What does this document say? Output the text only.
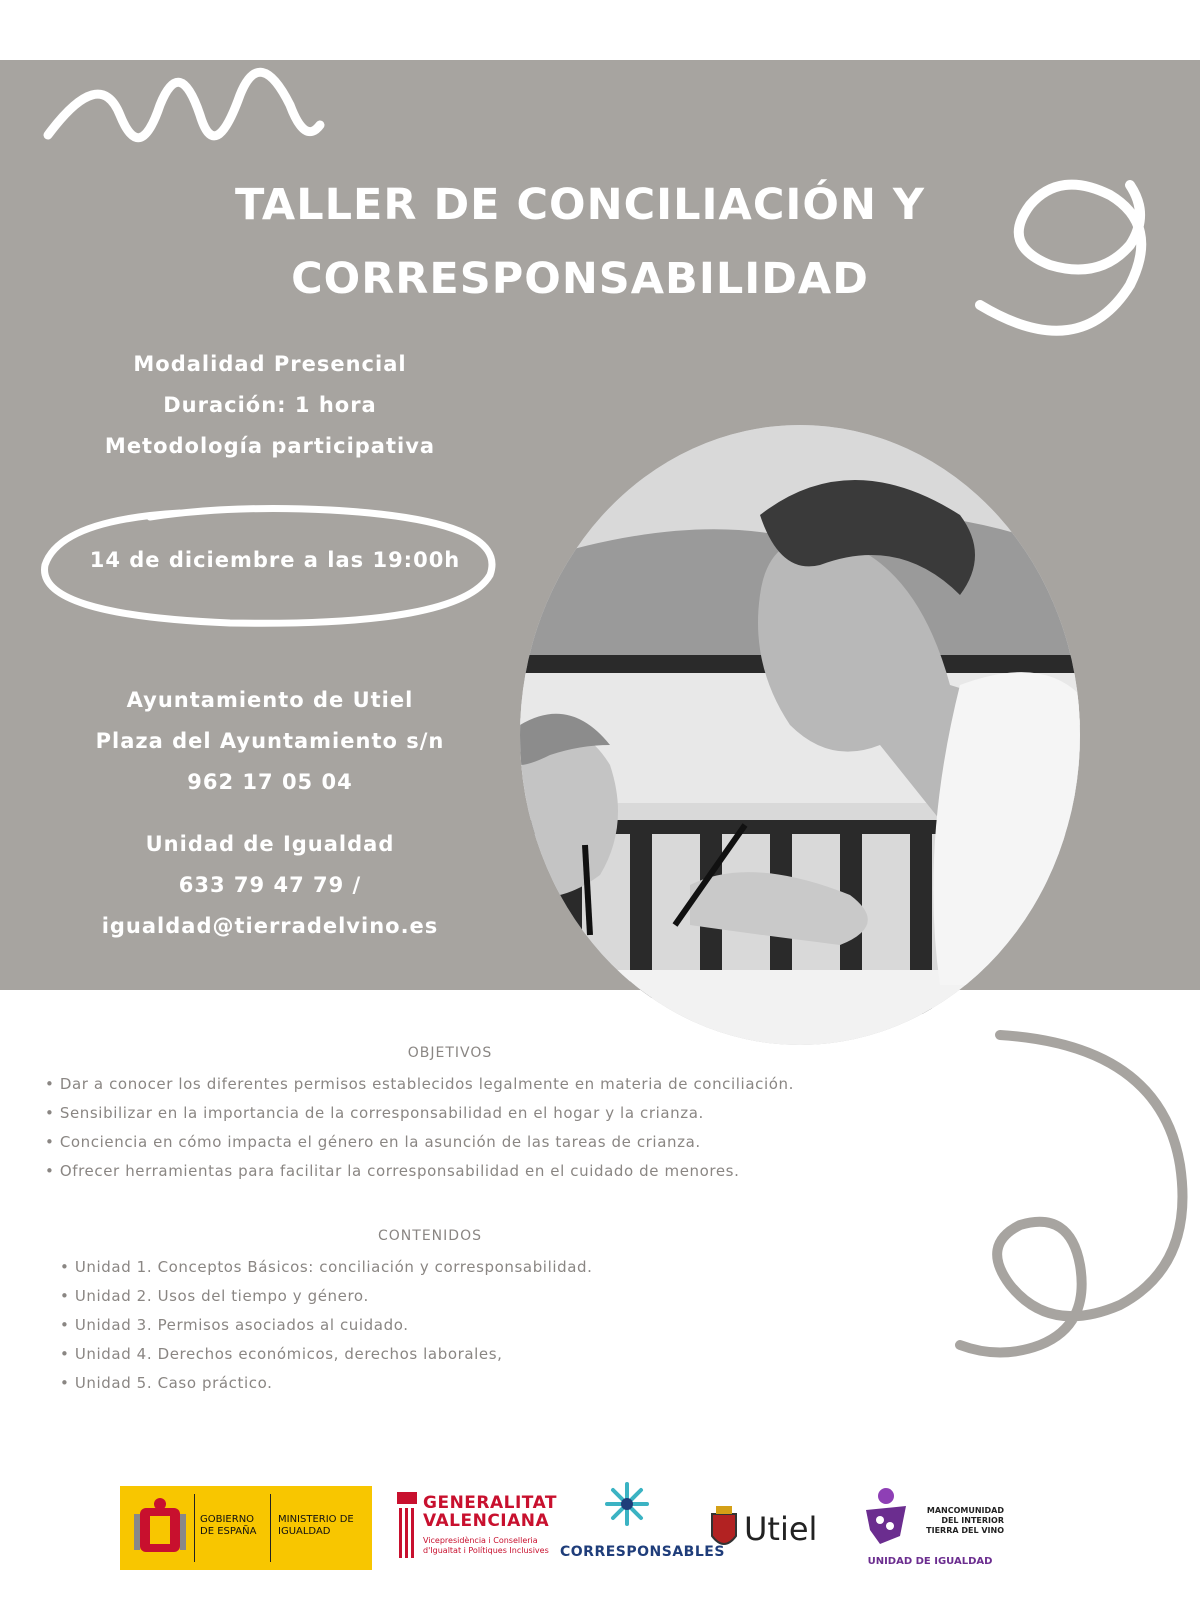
TALLER DE CONCILIACIÓN Y
CORRESPONSABILIDAD
Modalidad Presencial
Duración: 1 hora
Metodología participativa
14 de diciembre a las 19:00h
Ayuntamiento de Utiel
Plaza del Ayuntamiento s/n
962 17 05 04
Unidad de Igualdad
633 79 47 79 /
igualdad@tierradelvino.es
OBJETIVOS
• Dar a conocer los diferentes permisos establecidos legalmente en materia de conciliación.
• Sensibilizar en la importancia de la corresponsabilidad en el hogar y la crianza.
• Conciencia en cómo impacta el género en la asunción de las tareas de crianza.
• Ofrecer herramientas para facilitar la corresponsabilidad en el cuidado de menores.
CONTENIDOS
• Unidad 1. Conceptos Básicos: conciliación y corresponsabilidad.
• Unidad 2. Usos del tiempo y género.
• Unidad 3. Permisos asociados al cuidado.
• Unidad 4. Derechos económicos, derechos laborales,
• Unidad 5. Caso práctico.
GOBIERNO DE ESPAÑA
MINISTERIO DE IGUALDAD
GENERALITAT VALENCIANA
Vicepresidència i Conselleria d'Igualtat i Polítiques Inclusives CORRESPONSABLES
Utiel	MANCOMUNIDAD DEL INTERIOR TIERRA DEL VINO
UNIDAD DE IGUALDAD
